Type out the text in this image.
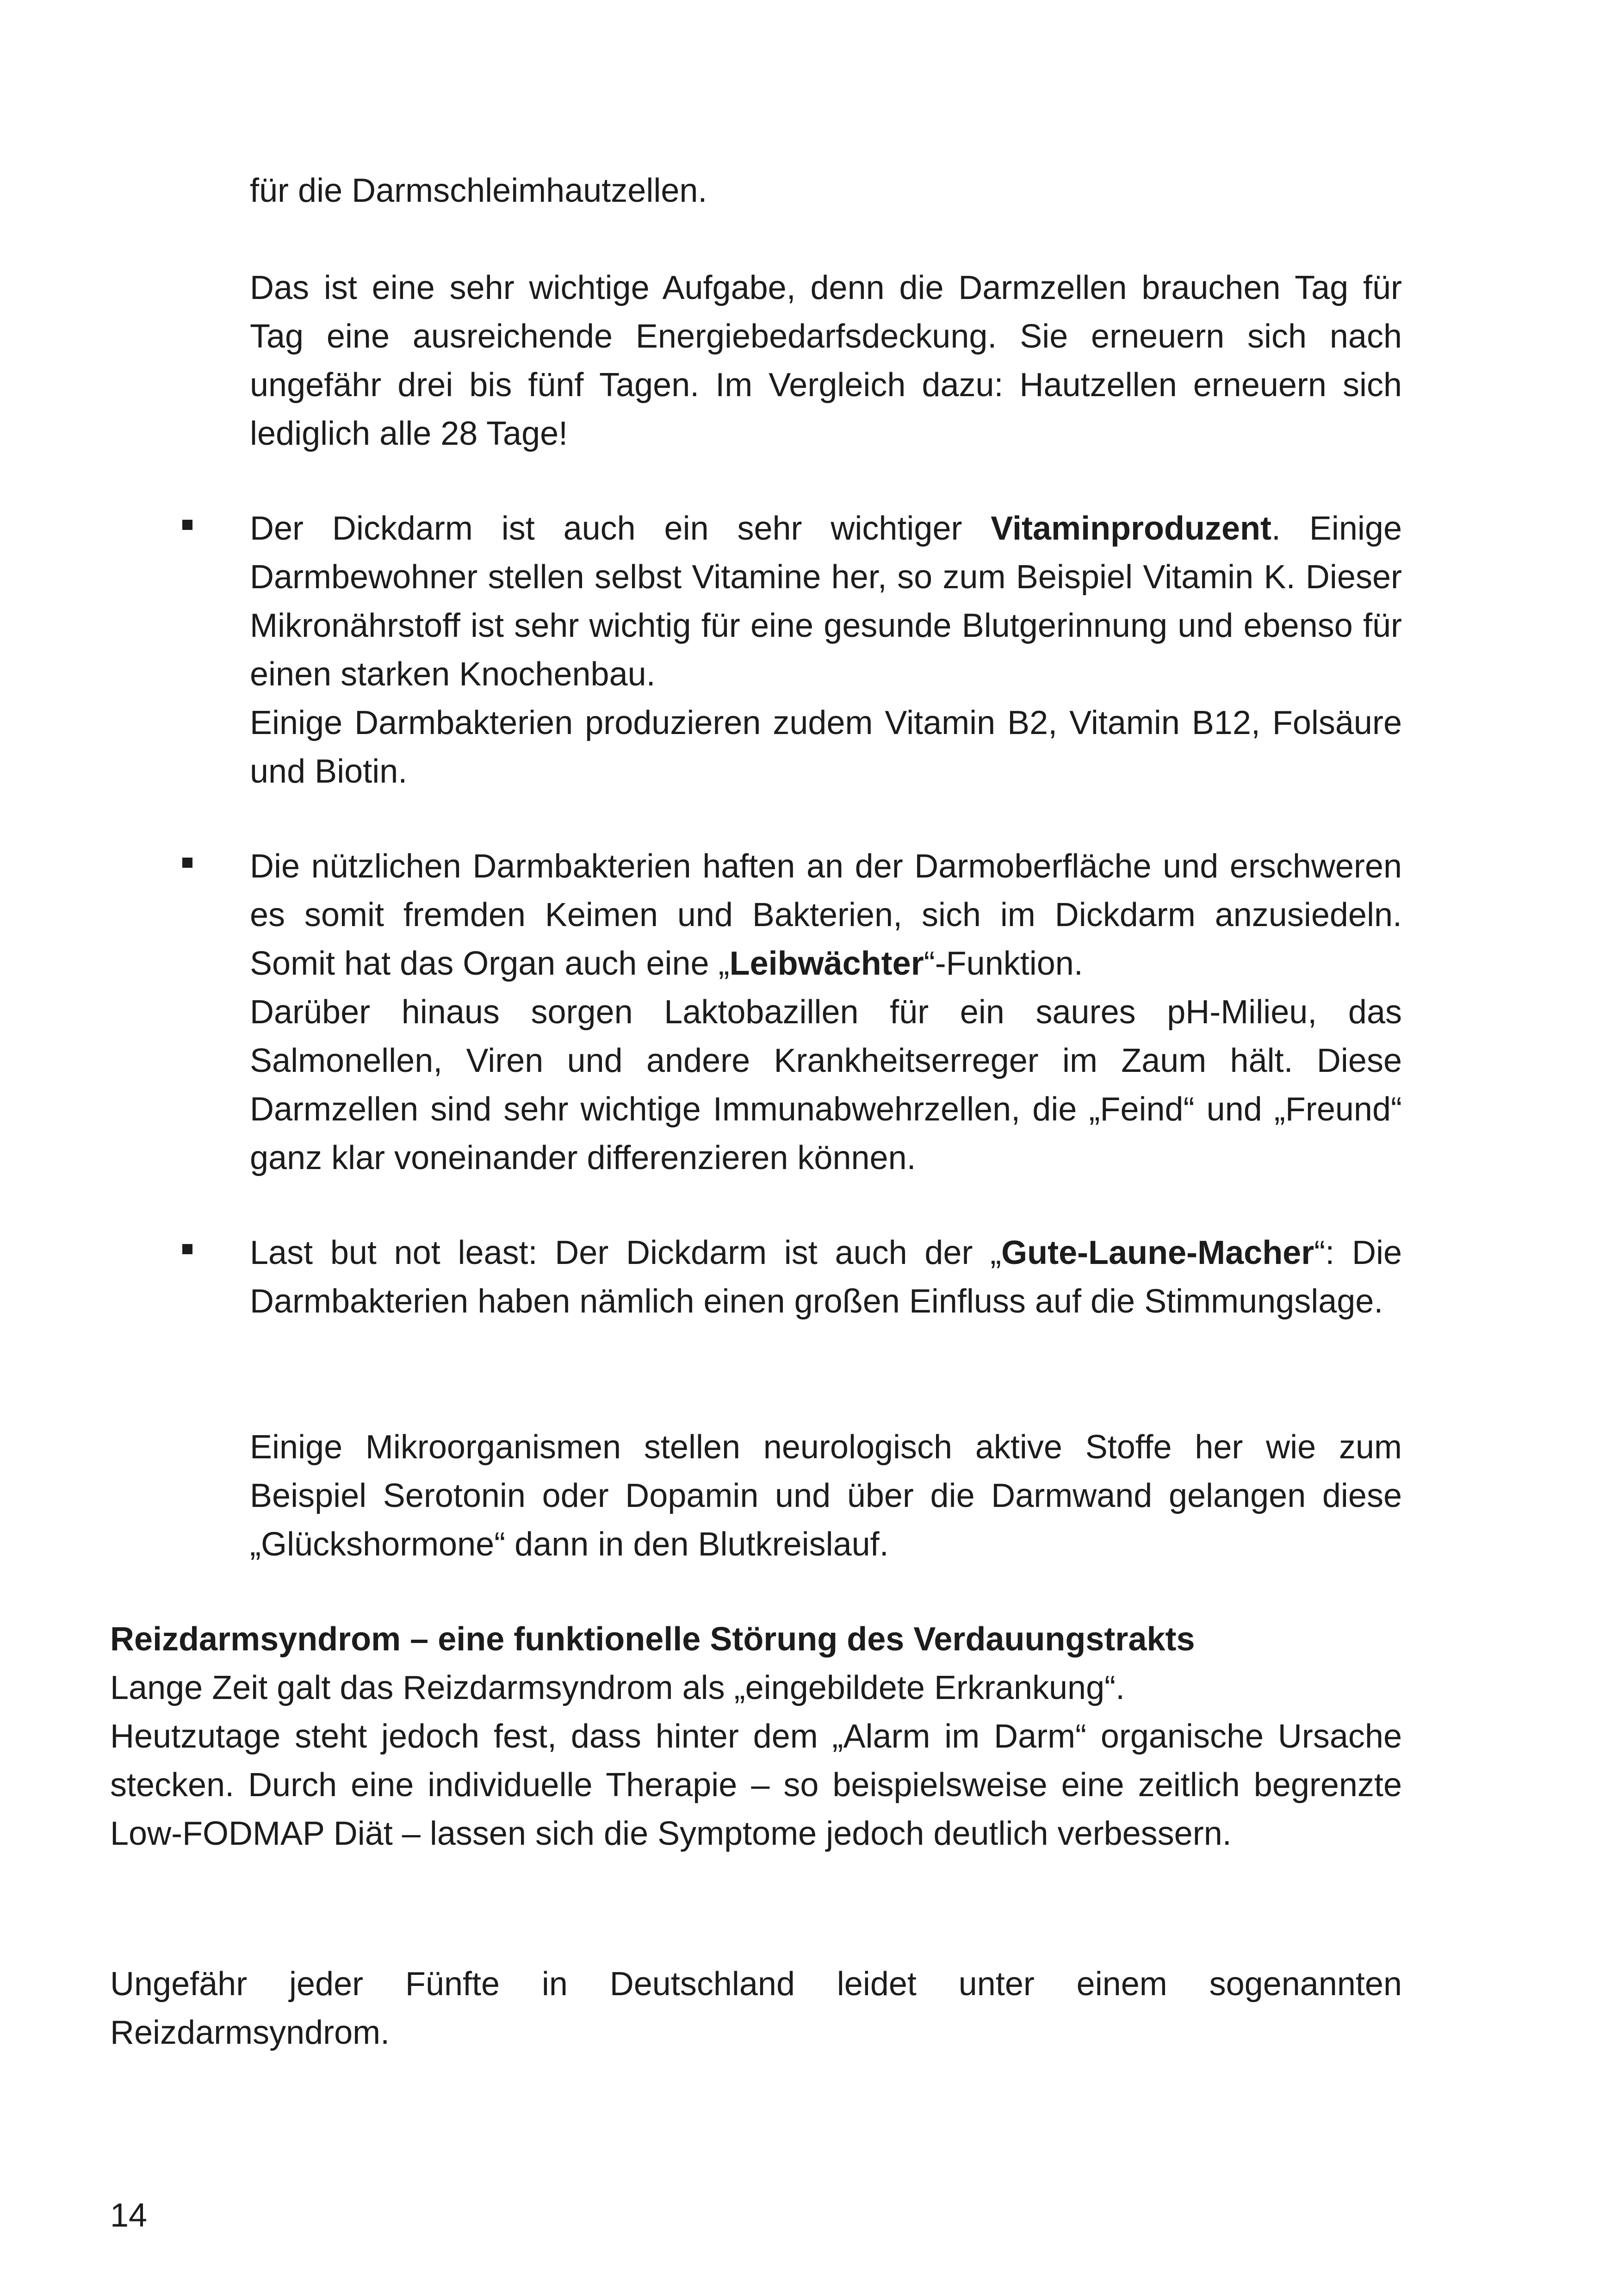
für die Darmschleimhautzellen.

Das ist eine sehr wichtige Aufgabe, denn die Darmzellen brauchen Tag für Tag eine ausreichende Energiebedarfsdeckung. Sie erneuern sich nach ungefähr drei bis fünf Tagen. Im Vergleich dazu: Hautzellen erneuern sich lediglich alle 28 Tage!

Der Dickdarm ist auch ein sehr wichtiger Vitaminproduzent. Einige Darmbewohner stellen selbst Vitamine her, so zum Beispiel Vitamin K. Dieser Mikronährstoff ist sehr wichtig für eine gesunde Blutgerinnung und ebenso für einen starken Knochenbau.

Einige Darmbakterien produzieren zudem Vitamin B2, Vitamin B12, Folsäure und Biotin.

Die nützlichen Darmbakterien haften an der Darmoberfläche und erschweren es somit fremden Keimen und Bakterien, sich im Dickdarm anzusiedeln. Somit hat das Organ auch eine „Leibwächter“-Funktion.

Darüber hinaus sorgen Laktobazillen für ein saures pH-Milieu, das Salmonellen, Viren und andere Krankheitserreger im Zaum hält. Diese Darmzellen sind sehr wichtige Immunabwehrzellen, die „Feind“ und „Freund“ ganz klar voneinander differenzieren können.

Last but not least: Der Dickdarm ist auch der „Gute-Laune-Macher“: Die Darmbakterien haben nämlich einen großen Einfluss auf die Stimmungslage.

Einige Mikroorganismen stellen neurologisch aktive Stoffe her wie zum Beispiel Serotonin oder Dopamin und über die Darmwand gelangen diese „Glückshormone“ dann in den Blutkreislauf.

Reizdarmsyndrom – eine funktionelle Störung des Verdauungstrakts

Lange Zeit galt das Reizdarmsyndrom als „eingebildete Erkrankung“.

Heutzutage steht jedoch fest, dass hinter dem „Alarm im Darm“ organische Ursache stecken. Durch eine individuelle Therapie – so beispielsweise eine zeitlich begrenzte Low-FODMAP Diät – lassen sich die Symptome jedoch deutlich verbessern.

Ungefähr jeder Fünfte in Deutschland leidet unter einem sogenannten Reizdarmsyndrom.

14
